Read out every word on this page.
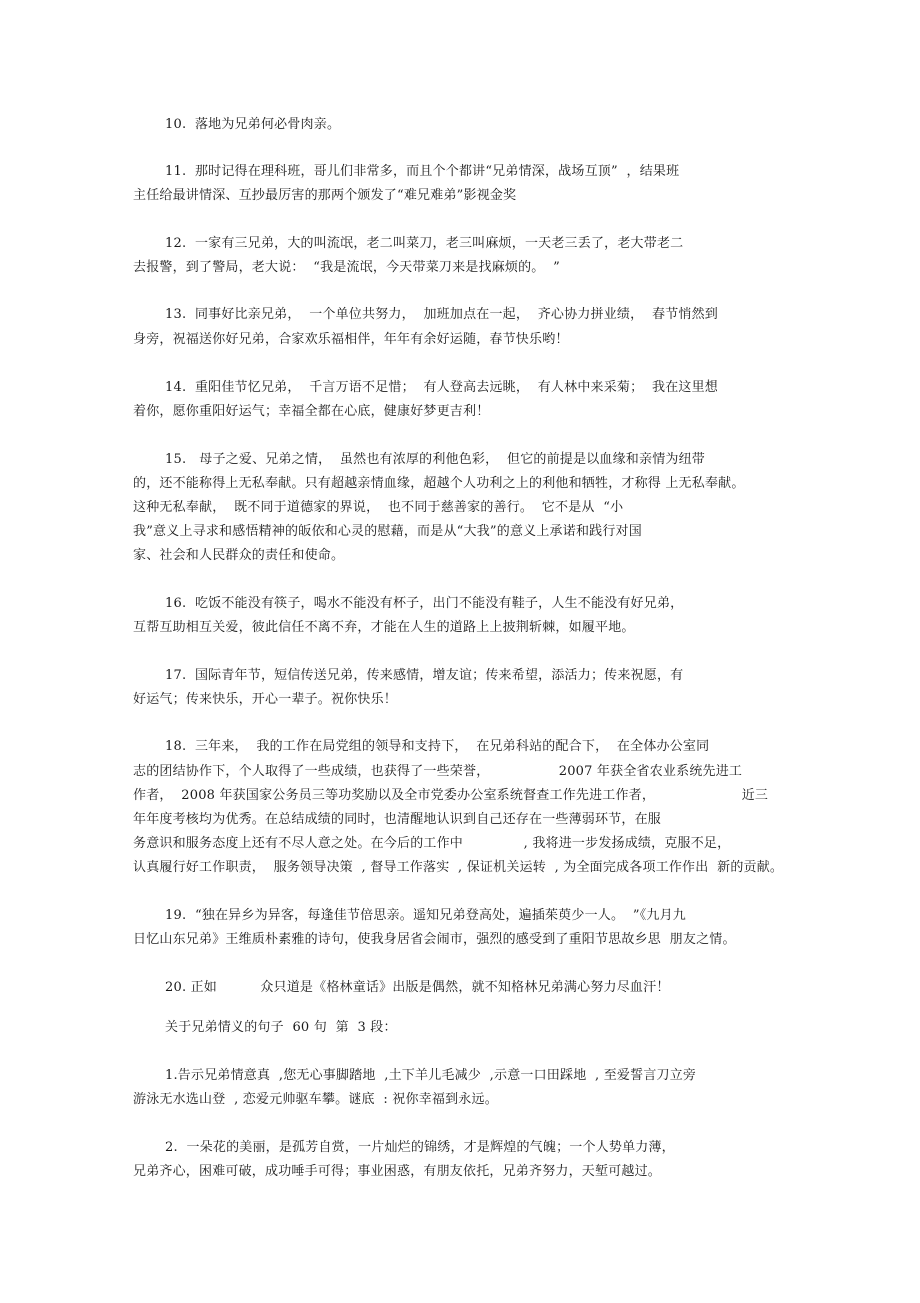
10.  落地为兄弟何必骨肉亲。
11.  那时记得在理科班，哥儿们非常多，而且个个都讲“兄弟情深，战场互顶”  ，结果班
主任给最讲情深、互抄最厉害的那两个颁发了“难兄难弟”影视金奖
12.  一家有三兄弟，大的叫流氓，老二叫菜刀，老三叫麻烦，一天老三丢了，老大带老二
去报警，到了警局，老大说：  “我是流氓，今天带菜刀来是找麻烦的。  ”
13.  同事好比亲兄弟，  一个单位共努力，  加班加点在一起，  齐心协力拼业绩，  春节悄然到
身旁，祝福送你好兄弟，合家欢乐福相伴，年年有余好运随，春节快乐哟！
14.  重阳佳节忆兄弟，  千言万语不足惜；  有人登高去远眺，  有人林中来采菊；  我在这里想
着你，愿你重阳好运气；幸福全都在心底，健康好梦更吉利！
15.   母子之爱、兄弟之情，  虽然也有浓厚的利他色彩，  但它的前提是以血缘和亲情为纽带
的，还不能称得上无私奉献。只有超越亲情血缘，超越个人功利之上的利他和牺牲，才称得 上无私奉献。
这种无私奉献，  既不同于道德家的界说，  也不同于慈善家的善行。  它不是从  “小
我”意义上寻求和感悟精神的皈依和心灵的慰藉，而是从“大我”的意义上承诺和践行对国
家、社会和人民群众的责任和使命。
16.  吃饭不能没有筷子，喝水不能没有杯子，出门不能没有鞋子，人生不能没有好兄弟，
互帮互助相互关爱，彼此信任不离不弃，才能在人生的道路上上披荆斩棘，如履平地。
17.  国际青年节，短信传送兄弟，传来感情，增友谊；传来希望，添活力；传来祝愿，有
好运气；传来快乐，开心一辈子。祝你快乐！
18.  三年来，  我的工作在局党组的领导和支持下，  在兄弟科站的配合下，  在全体办公室同
志的团结协作下，个人取得了一些成绩，也获得了一些荣誉，                2007 年获全省农业系统先进工
作者，  2008 年获国家公务员三等功奖励以及全市党委办公室系统督查工作先进工作者，                    近三
年年度考核均为优秀。在总结成绩的同时，也清醒地认识到自己还存在一些薄弱环节，在服
务意识和服务态度上还有不尽人意之处。在今后的工作中              , 我将进一步发扬成绩，克服不足，
认真履行好工作职责，  服务领导决策  , 督导工作落实  , 保证机关运转  , 为全面完成各项工作作出  新的贡献。
19.  “独在异乡为异客，每逢佳节倍思亲。遥知兄弟登高处，遍插茱萸少一人。  ”《九月九
日忆山东兄弟》王维质朴素雅的诗句，使我身居省会闹市，强烈的感受到了重阳节思故乡思  朋友之情。
20. 正如          众只道是《格林童话》出版是偶然，就不知格林兄弟满心努力尽血汗！
关于兄弟情义的句子  60 句  第  3 段：
1.告示兄弟情意真  ,您无心事脚踏地  ,土下羊儿毛减少  ,示意一口田踩地  , 至爱誓言刀立旁
游泳无水选山登  , 恋爱元帅驱车攀。谜底  : 祝你幸福到永远。
2.  一朵花的美丽，是孤芳自赏，一片灿烂的锦绣，才是辉煌的气魄；一个人势单力薄，
兄弟齐心，困难可破，成功唾手可得；事业困惑，有朋友依托，兄弟齐努力，天堑可越过。
